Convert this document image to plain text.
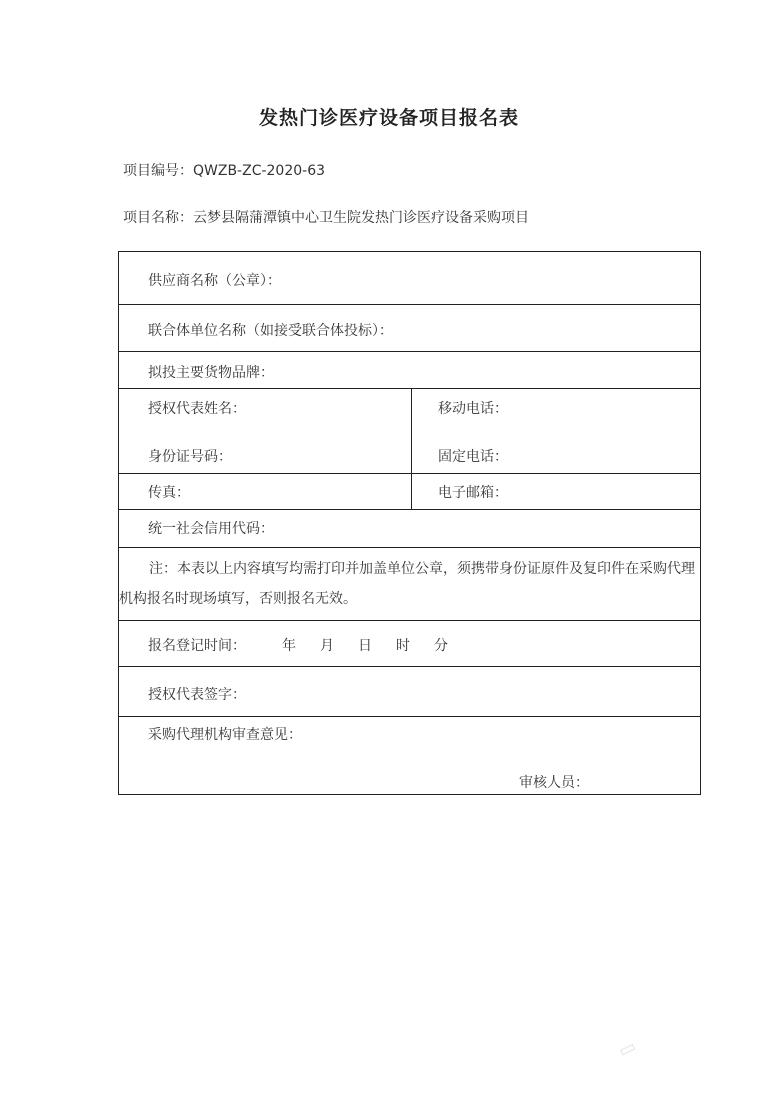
发热门诊医疗设备项目报名表
项目编号：QWZB-ZC-2020-63
项目名称：云梦县隔蒲潭镇中心卫生院发热门诊医疗设备采购项目
供应商名称（公章）：
联合体单位名称（如接受联合体投标）：
拟投主要货物品牌：
授权代表姓名：	移动电话：
身份证号码：	固定电话：
传真：	电子邮箱：
统一社会信用代码：
注：本表以上内容填写均需打印并加盖单位公章，须携带身份证原件及复印件在采购代理机构报名时现场填写，否则报名无效。
报名登记时间：	年 月 日 时 分
授权代表签字：
采购代理机构审查意见：
审核人员：
